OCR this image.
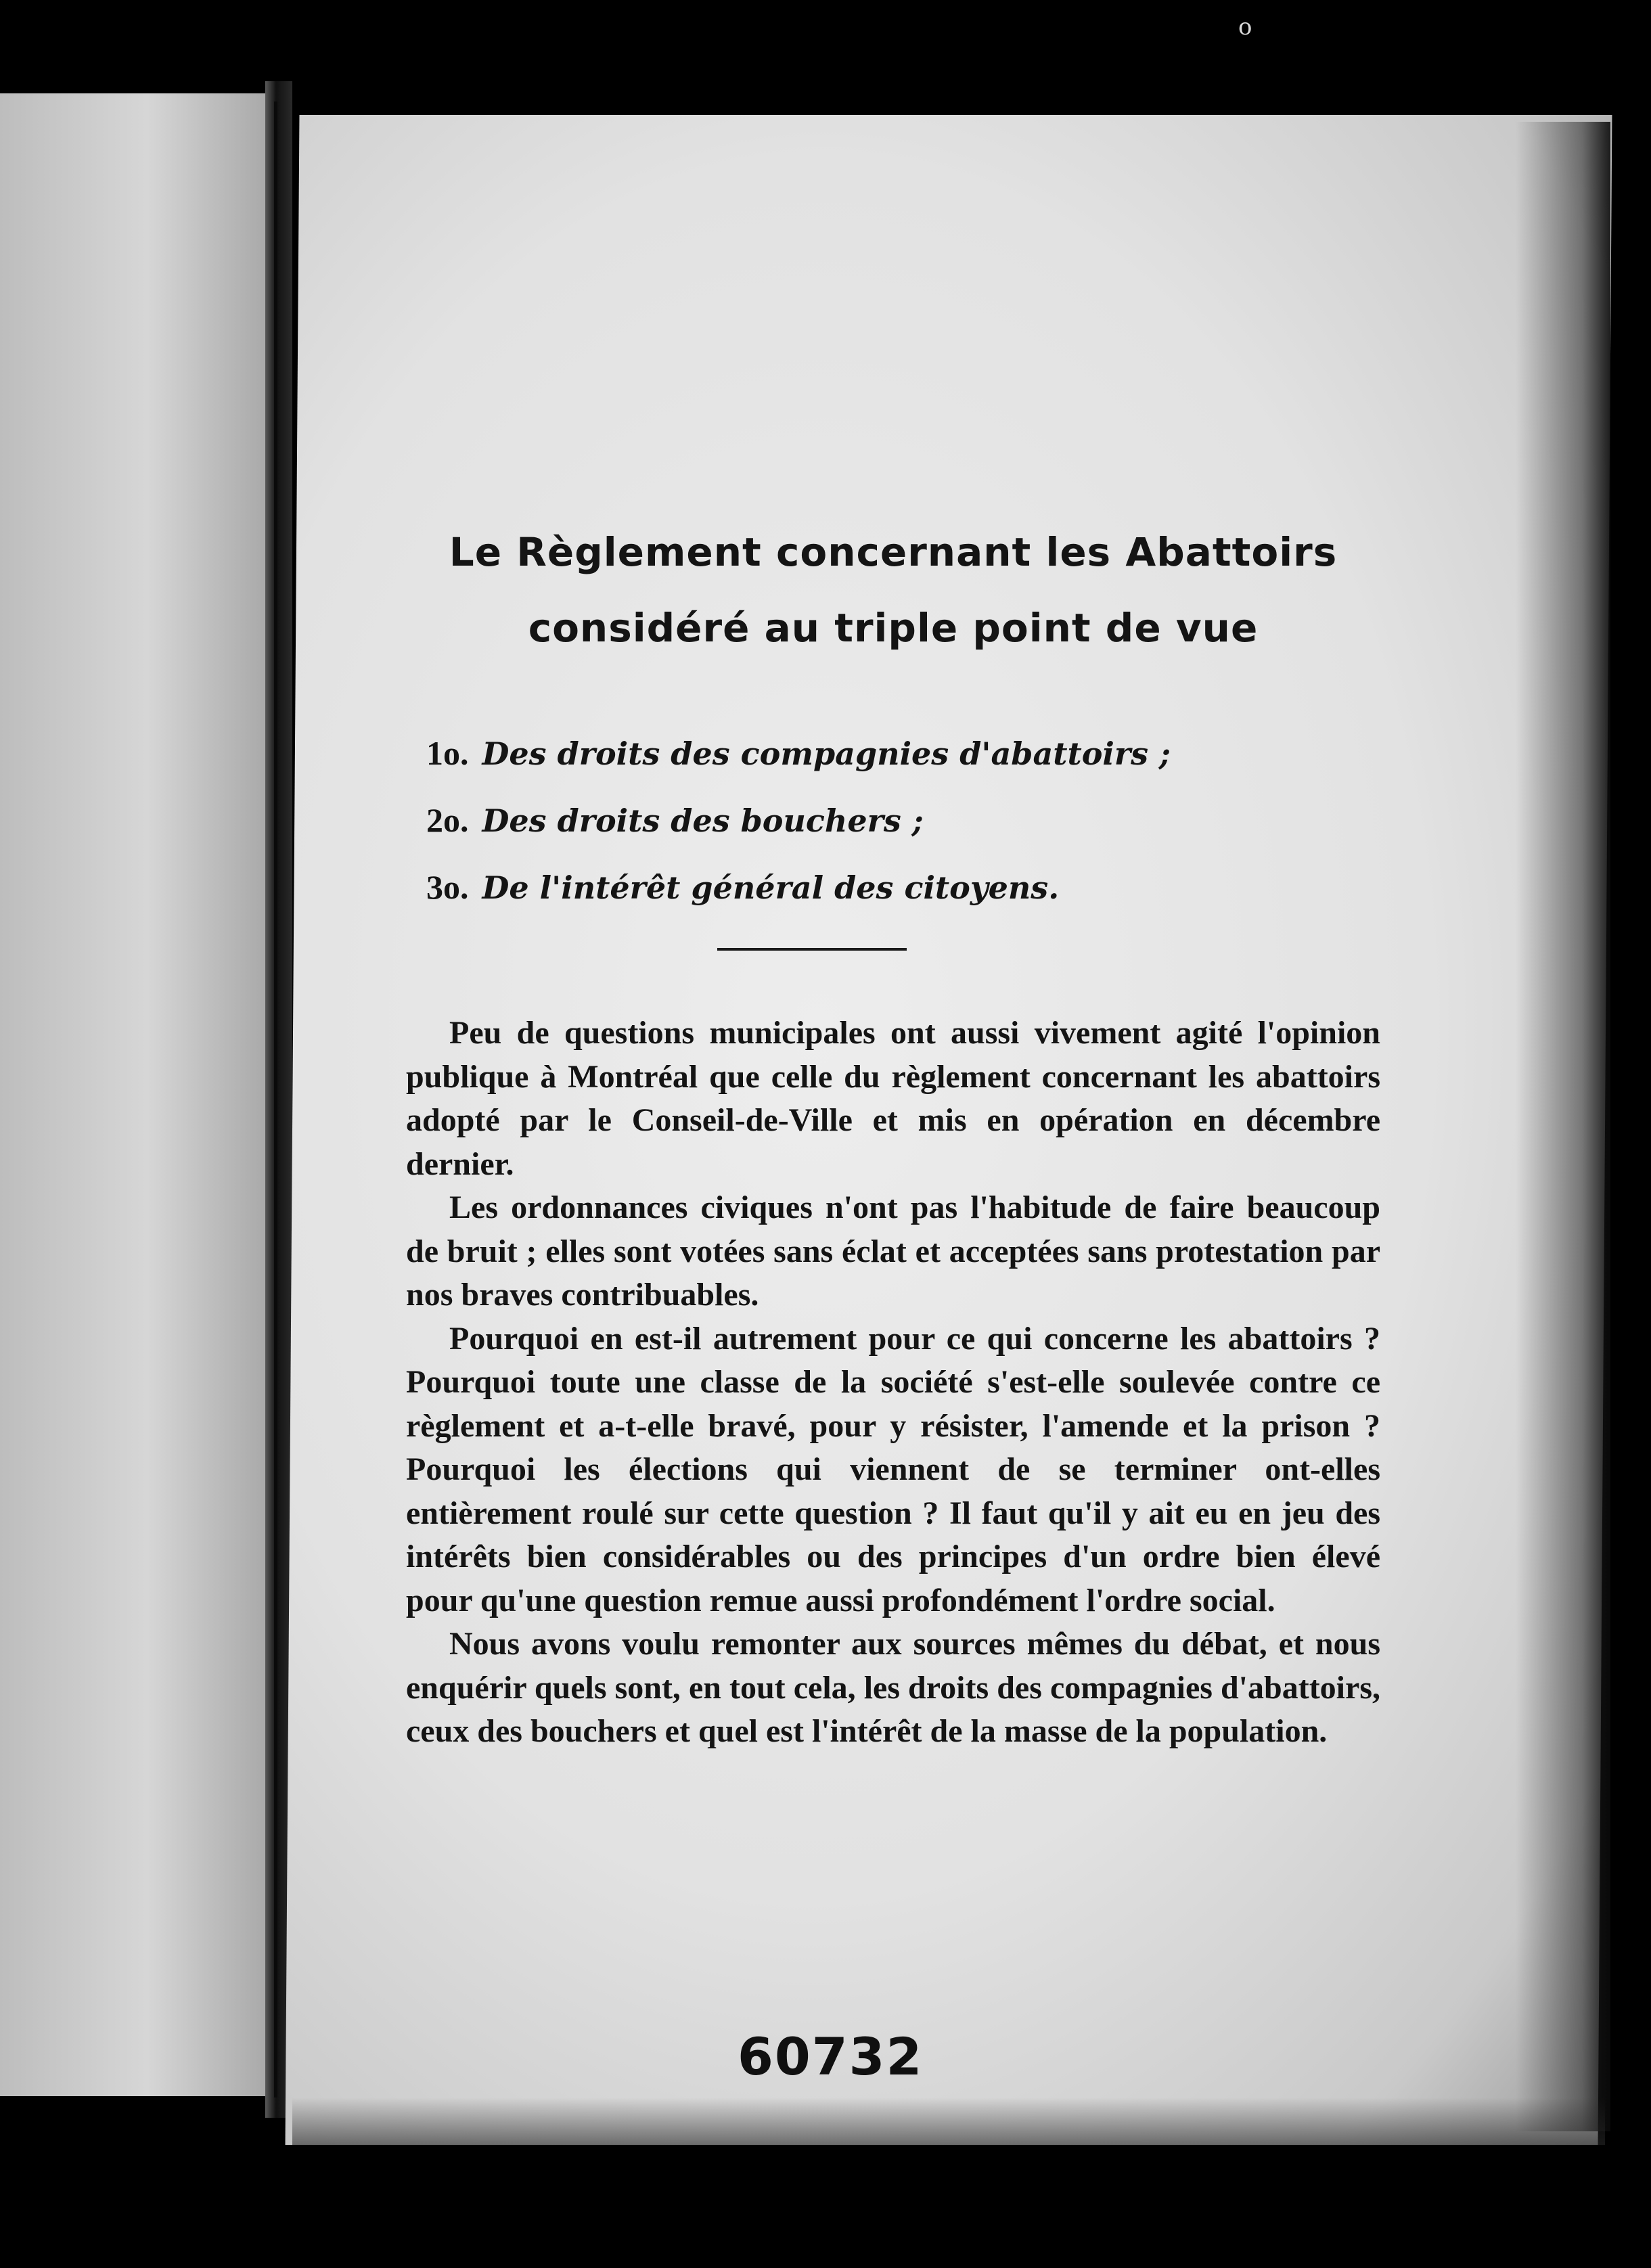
o
Le Règlement concernant les Abattoirs
considéré au triple point de vue
1o. Des droits des compagnies d'abattoirs ;
2o. Des droits des bouchers ;
3o. De l'intérêt général des citoyens.

Peu de questions municipales ont aussi vivement agité l'opinion publique à Montréal que celle du règlement concernant les abattoirs adopté par le Conseil-de-Ville et mis en opération en décembre dernier.

Les ordonnances civiques n'ont pas l'habitude de faire beaucoup de bruit ; elles sont votées sans éclat et acceptées sans protestation par nos braves contribuables.

Pourquoi en est-il autrement pour ce qui concerne les abattoirs ? Pourquoi toute une classe de la société s'est-elle soulevée contre ce règlement et a-t-elle bravé, pour y résister, l'amende et la prison ? Pourquoi les élections qui viennent de se terminer ont-elles entièrement roulé sur cette question ? Il faut qu'il y ait eu en jeu des intérêts bien considérables ou des principes d'un ordre bien élevé pour qu'une question remue aussi profondément l'ordre social.

Nous avons voulu remonter aux sources mêmes du débat, et nous enquérir quels sont, en tout cela, les droits des compagnies d'abattoirs, ceux des bouchers et quel est l'intérêt de la masse de la population.

60732
